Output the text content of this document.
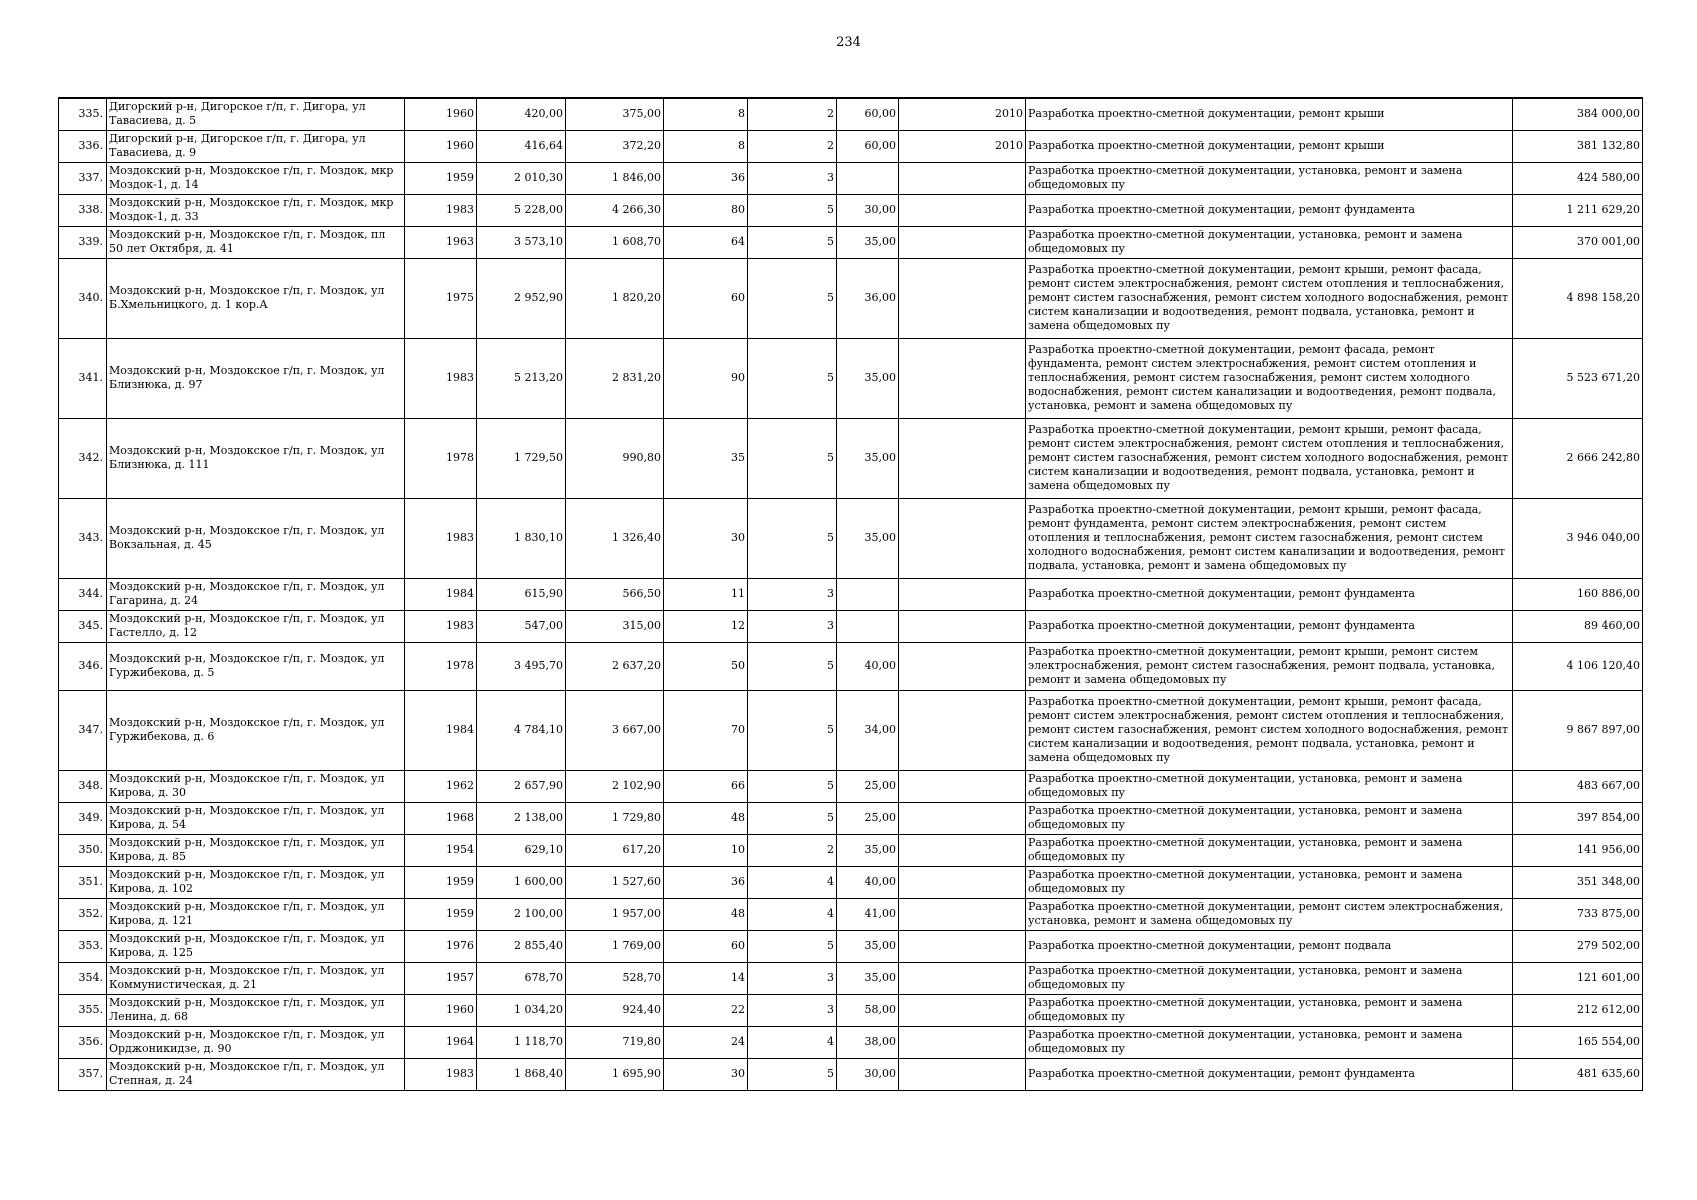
234
335.	Дигорский р-н, Дигорское г/п, г. Дигора, ул Тавасиева, д. 5	1960	420,00	375,00	8	2	60,00	2010	Разработка проектно-сметной документации, ремонт крыши	384 000,00
336.	Дигорский р-н, Дигорское г/п, г. Дигора, ул Тавасиева, д. 9	1960	416,64	372,20	8	2	60,00	2010	Разработка проектно-сметной документации, ремонт крыши	381 132,80
337.	Моздокский р-н, Моздокское г/п, г. Моздок, мкр Моздок-1, д. 14	1959	2 010,30	1 846,00	36	3			Разработка проектно-сметной документации, установка, ремонт и замена общедомовых пу	424 580,00
338.	Моздокский р-н, Моздокское г/п, г. Моздок, мкр Моздок-1, д. 33	1983	5 228,00	4 266,30	80	5	30,00		Разработка проектно-сметной документации, ремонт фундамента	1 211 629,20
339.	Моздокский р-н, Моздокское г/п, г. Моздок, пл 50 лет Октября, д. 41	1963	3 573,10	1 608,70	64	5	35,00		Разработка проектно-сметной документации, установка, ремонт и замена общедомовых пу	370 001,00
340.	Моздокский р-н, Моздокское г/п, г. Моздок, ул Б.Хмельницкого, д. 1 кор.А	1975	2 952,90	1 820,20	60	5	36,00		Разработка проектно-сметной документации, ремонт крыши, ремонт фасада, ремонт систем электроснабжения, ремонт систем отопления и теплоснабжения, ремонт систем газоснабжения, ремонт систем холодного водоснабжения, ремонт систем канализации и водоотведения, ремонт подвала, установка, ремонт и замена общедомовых пу	4 898 158,20
341.	Моздокский р-н, Моздокское г/п, г. Моздок, ул Близнюка, д. 97	1983	5 213,20	2 831,20	90	5	35,00		Разработка проектно-сметной документации, ремонт фасада, ремонт фундамента, ремонт систем электроснабжения, ремонт систем отопления и теплоснабжения, ремонт систем газоснабжения, ремонт систем холодного водоснабжения, ремонт систем канализации и водоотведения, ремонт подвала, установка, ремонт и замена общедомовых пу	5 523 671,20
342.	Моздокский р-н, Моздокское г/п, г. Моздок, ул Близнюка, д. 111	1978	1 729,50	990,80	35	5	35,00		Разработка проектно-сметной документации, ремонт крыши, ремонт фасада, ремонт систем электроснабжения, ремонт систем отопления и теплоснабжения, ремонт систем газоснабжения, ремонт систем холодного водоснабжения, ремонт систем канализации и водоотведения, ремонт подвала, установка, ремонт и замена общедомовых пу	2 666 242,80
343.	Моздокский р-н, Моздокское г/п, г. Моздок, ул Вокзальная, д. 45	1983	1 830,10	1 326,40	30	5	35,00		Разработка проектно-сметной документации, ремонт крыши, ремонт фасада, ремонт фундамента, ремонт систем электроснабжения, ремонт систем отопления и теплоснабжения, ремонт систем газоснабжения, ремонт систем холодного водоснабжения, ремонт систем канализации и водоотведения, ремонт подвала, установка, ремонт и замена общедомовых пу	3 946 040,00
344.	Моздокский р-н, Моздокское г/п, г. Моздок, ул Гагарина, д. 24	1984	615,90	566,50	11	3			Разработка проектно-сметной документации, ремонт фундамента	160 886,00
345.	Моздокский р-н, Моздокское г/п, г. Моздок, ул Гастелло, д. 12	1983	547,00	315,00	12	3			Разработка проектно-сметной документации, ремонт фундамента	89 460,00
346.	Моздокский р-н, Моздокское г/п, г. Моздок, ул Гуржибекова, д. 5	1978	3 495,70	2 637,20	50	5	40,00		Разработка проектно-сметной документации, ремонт крыши, ремонт систем электроснабжения, ремонт систем газоснабжения, ремонт подвала, установка, ремонт и замена общедомовых пу	4 106 120,40
347.	Моздокский р-н, Моздокское г/п, г. Моздок, ул Гуржибекова, д. 6	1984	4 784,10	3 667,00	70	5	34,00		Разработка проектно-сметной документации, ремонт крыши, ремонт фасада, ремонт систем электроснабжения, ремонт систем отопления и теплоснабжения, ремонт систем газоснабжения, ремонт систем холодного водоснабжения, ремонт систем канализации и водоотведения, ремонт подвала, установка, ремонт и замена общедомовых пу	9 867 897,00
348.	Моздокский р-н, Моздокское г/п, г. Моздок, ул Кирова, д. 30	1962	2 657,90	2 102,90	66	5	25,00		Разработка проектно-сметной документации, установка, ремонт и замена общедомовых пу	483 667,00
349.	Моздокский р-н, Моздокское г/п, г. Моздок, ул Кирова, д. 54	1968	2 138,00	1 729,80	48	5	25,00		Разработка проектно-сметной документации, установка, ремонт и замена общедомовых пу	397 854,00
350.	Моздокский р-н, Моздокское г/п, г. Моздок, ул Кирова, д. 85	1954	629,10	617,20	10	2	35,00		Разработка проектно-сметной документации, установка, ремонт и замена общедомовых пу	141 956,00
351.	Моздокский р-н, Моздокское г/п, г. Моздок, ул Кирова, д. 102	1959	1 600,00	1 527,60	36	4	40,00		Разработка проектно-сметной документации, установка, ремонт и замена общедомовых пу	351 348,00
352.	Моздокский р-н, Моздокское г/п, г. Моздок, ул Кирова, д. 121	1959	2 100,00	1 957,00	48	4	41,00		Разработка проектно-сметной документации, ремонт систем электроснабжения, установка, ремонт и замена общедомовых пу	733 875,00
353.	Моздокский р-н, Моздокское г/п, г. Моздок, ул Кирова, д. 125	1976	2 855,40	1 769,00	60	5	35,00		Разработка проектно-сметной документации, ремонт подвала	279 502,00
354.	Моздокский р-н, Моздокское г/п, г. Моздок, ул Коммунистическая, д. 21	1957	678,70	528,70	14	3	35,00		Разработка проектно-сметной документации, установка, ремонт и замена общедомовых пу	121 601,00
355.	Моздокский р-н, Моздокское г/п, г. Моздок, ул Ленина, д. 68	1960	1 034,20	924,40	22	3	58,00		Разработка проектно-сметной документации, установка, ремонт и замена общедомовых пу	212 612,00
356.	Моздокский р-н, Моздокское г/п, г. Моздок, ул Орджоникидзе, д. 90	1964	1 118,70	719,80	24	4	38,00		Разработка проектно-сметной документации, установка, ремонт и замена общедомовых пу	165 554,00
357.	Моздокский р-н, Моздокское г/п, г. Моздок, ул Степная, д. 24	1983	1 868,40	1 695,90	30	5	30,00		Разработка проектно-сметной документации, ремонт фундамента	481 635,60
